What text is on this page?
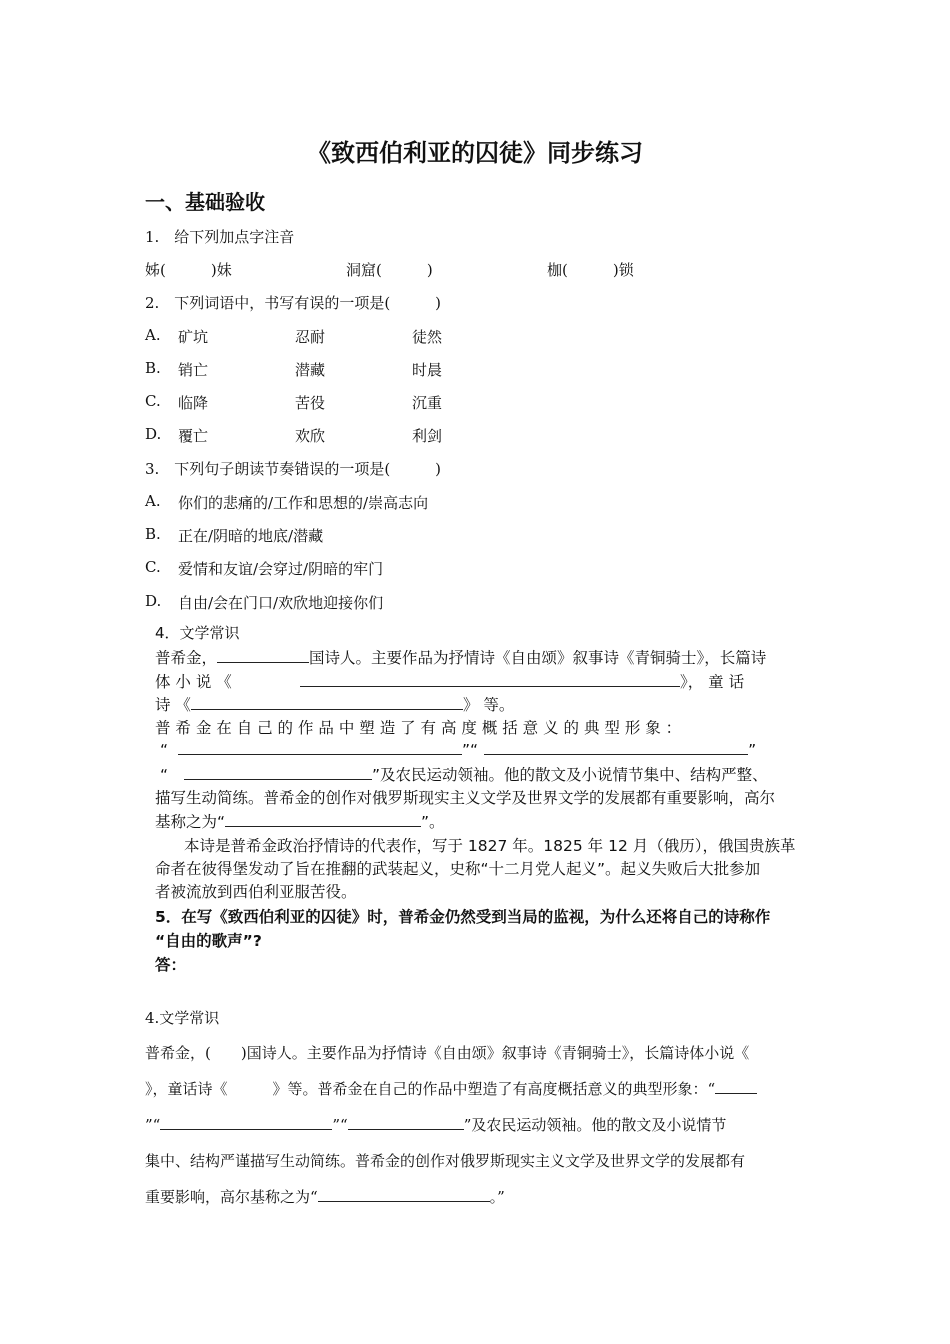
《致西伯利亚的囚徒》同步练习
一、基础验收
1.　给下列加点字注音
姊(　　　)妹	洞窟(　　　)	枷(　　　)锁
2.　下列词语中，书写有误的一项是(　　　)
A. 矿坑	忍耐	徒然
B. 销亡	潜藏	时晨
C. 临降	苦役	沉重
D. 覆亡	欢欣	利剑
3.　下列句子朗读节奏错误的一项是(　　　)
A. 你们的悲痛的/工作和思想的/崇高志向
B. 正在/阴暗的地底/潜藏
C. 爱情和友谊/会穿过/阴暗的牢门
D. 自由/会在门口/欢欣地迎接你们
4．文学常识
普希金，	国诗人。主要作品为抒情诗《自由颂》叙事诗《青铜骑士》，长篇诗
体 小 说 《	》， 童 话
诗 《	》 等。
普 希 金 在 自 己 的 作 品 中 塑 造 了 有 高 度 概 括 意 义 的 典 型 形 象 ：
“	”“	”
“	”及农民运动领袖。他的散文及小说情节集中、结构严整、
描写生动简练。普希金的创作对俄罗斯现实主义文学及世界文学的发展都有重要影响，高尔
基称之为“	”。
本诗是普希金政治抒情诗的代表作，写于 1827 年。1825 年 12 月（俄历），俄国贵族革
命者在彼得堡发动了旨在推翻的武装起义，史称“十二月党人起义”。起义失败后大批参加
者被流放到西伯利亚服苦役。
5．在写《致西伯利亚的囚徒》时，普希金仍然受到当局的监视，为什么还将自己的诗称作
“自由的歌声”?
答：
4.文学常识
普希金，(　　)国诗人。主要作品为抒情诗《自由颂》叙事诗《青铜骑士》，长篇诗体小说《
》，童话诗《　　　》等。普希金在自己的作品中塑造了有高度概括意义的典型形象：“
”“	”“	”及农民运动领袖。他的散文及小说情节
集中、结构严谨描写生动简练。普希金的创作对俄罗斯现实主义文学及世界文学的发展都有
重要影响，高尔基称之为“	。”
